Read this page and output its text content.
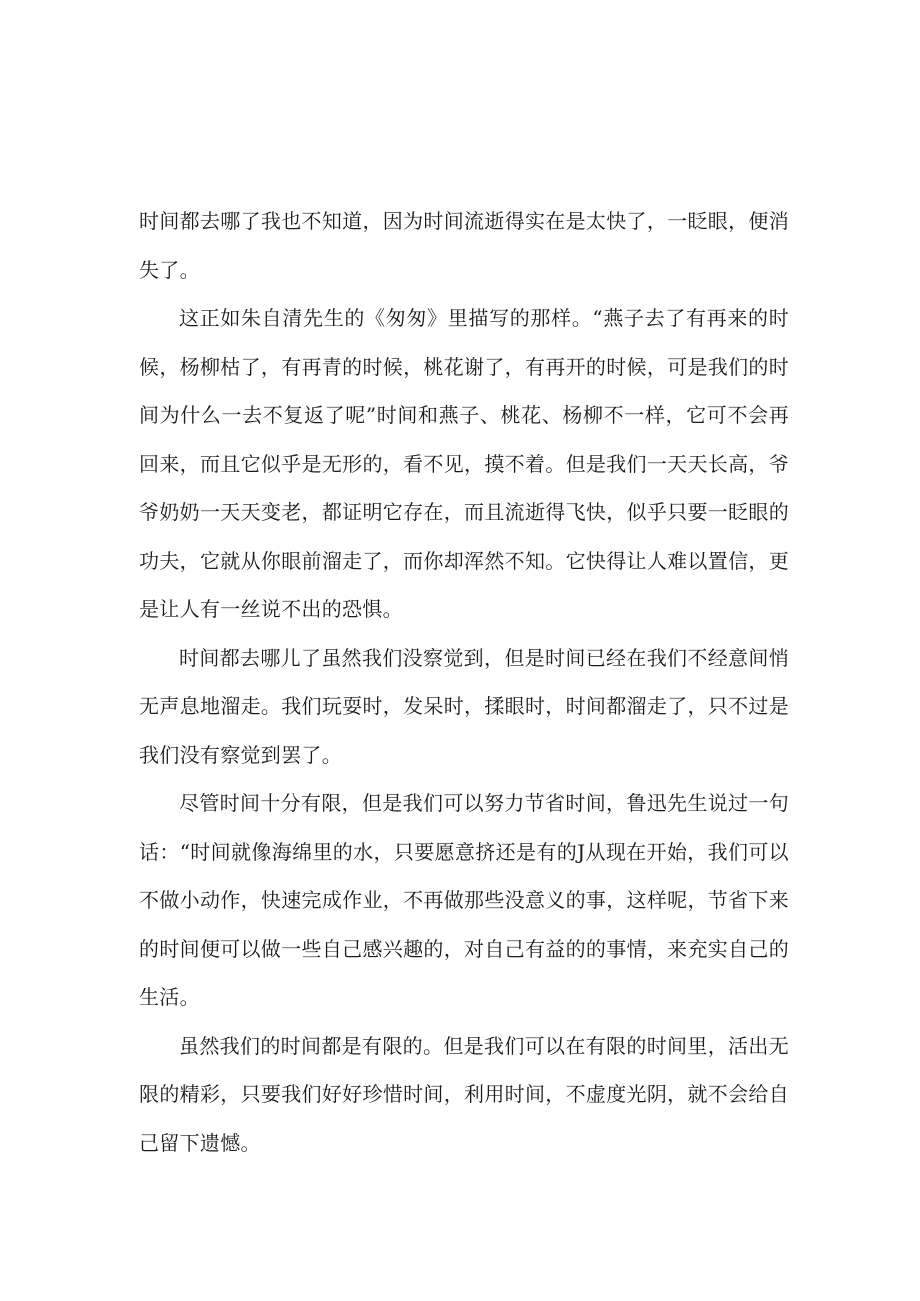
时间都去哪了我也不知道，因为时间流逝得实在是太快了，一眨眼，便消失了。

这正如朱自清先生的《匆匆》里描写的那样。“燕子去了有再来的时候，杨柳枯了，有再青的时候，桃花谢了，有再开的时候，可是我们的时间为什么一去不复返了呢”时间和燕子、桃花、杨柳不一样，它可不会再回来，而且它似乎是无形的，看不见，摸不着。但是我们一天天长高，爷爷奶奶一天天变老，都证明它存在，而且流逝得飞快，似乎只要一眨眼的功夫，它就从你眼前溜走了，而你却浑然不知。它快得让人难以置信，更是让人有一丝说不出的恐惧。

时间都去哪儿了虽然我们没察觉到，但是时间已经在我们不经意间悄无声息地溜走。我们玩耍时，发呆时，揉眼时，时间都溜走了，只不过是我们没有察觉到罢了。

尽管时间十分有限，但是我们可以努力节省时间，鲁迅先生说过一句话：“时间就像海绵里的水，只要愿意挤还是有的J从现在开始，我们可以不做小动作，快速完成作业，不再做那些没意义的事，这样呢，节省下来的时间便可以做一些自己感兴趣的，对自己有益的的事情，来充实自己的生活。

虽然我们的时间都是有限的。但是我们可以在有限的时间里，活出无限的精彩，只要我们好好珍惜时间，利用时间，不虚度光阴，就不会给自己留下遗憾。
